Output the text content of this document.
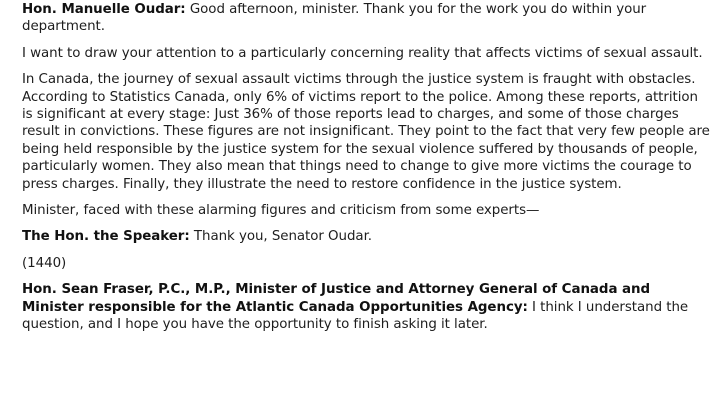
Hon. Manuelle Oudar: Good afternoon, minister. Thank you for the work you do within your department.

I want to draw your attention to a particularly concerning reality that affects victims of sexual assault.

In Canada, the journey of sexual assault victims through the justice system is fraught with obstacles. According to Statistics Canada, only 6% of victims report to the police. Among these reports, attrition is significant at every stage: Just 36% of those reports lead to charges, and some of those charges result in convictions. These figures are not insignificant. They point to the fact that very few people are being held responsible by the justice system for the sexual violence suffered by thousands of people, particularly women. They also mean that things need to change to give more victims the courage to press charges. Finally, they illustrate the need to restore confidence in the justice system.

Minister, faced with these alarming figures and criticism from some experts—

The Hon. the Speaker: Thank you, Senator Oudar.

(1440)

Hon. Sean Fraser, P.C., M.P., Minister of Justice and Attorney General of Canada and Minister responsible for the Atlantic Canada Opportunities Agency: I think I understand the question, and I hope you have the opportunity to finish asking it later.
